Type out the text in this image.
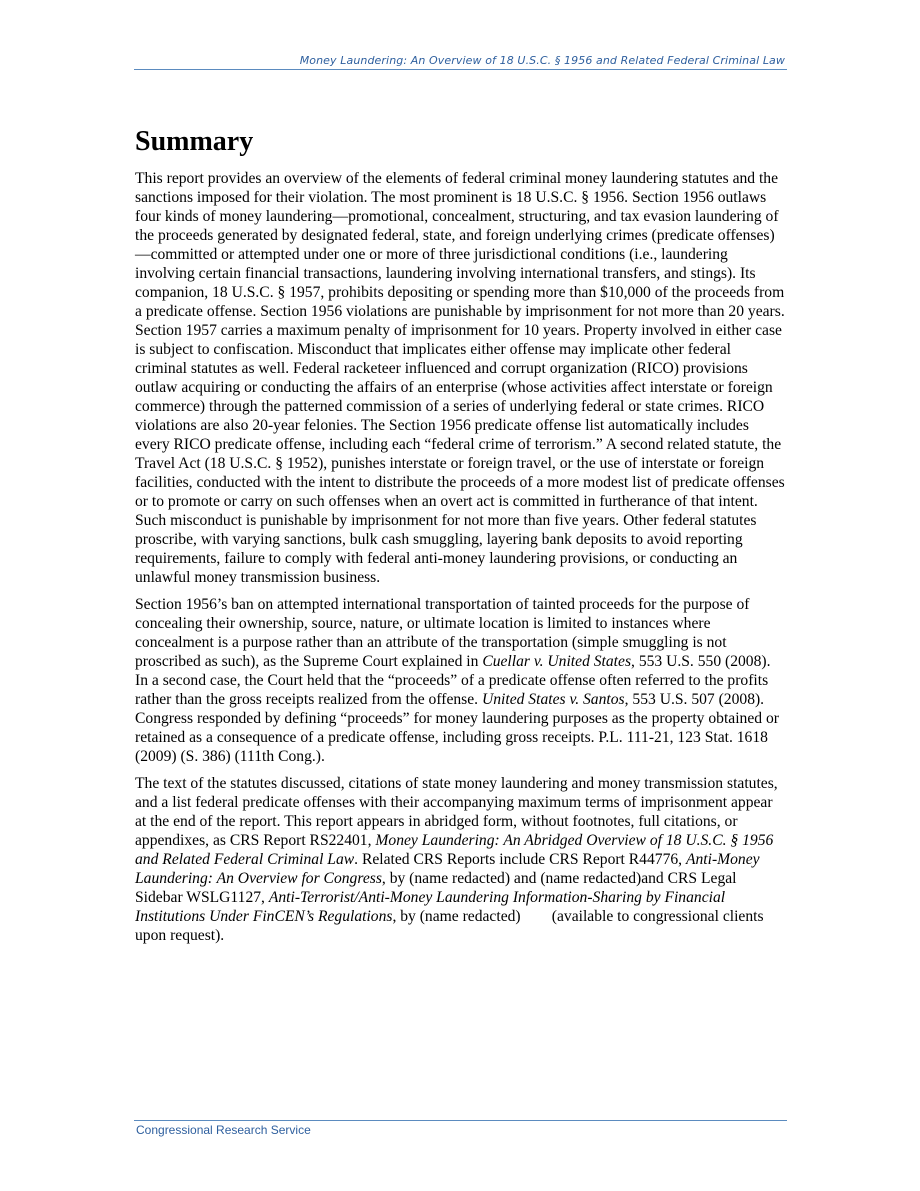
Money Laundering: An Overview of 18 U.S.C. § 1956 and Related Federal Criminal Law
Summary

This report provides an overview of the elements of federal criminal money laundering statutes and the sanctions imposed for their violation. The most prominent is 18 U.S.C. § 1956. Section 1956 outlaws four kinds of money laundering—promotional, concealment, structuring, and tax evasion laundering of the proceeds generated by designated federal, state, and foreign underlying crimes (predicate offenses)—committed or attempted under one or more of three jurisdictional conditions (i.e., laundering involving certain financial transactions, laundering involving international transfers, and stings). Its companion, 18 U.S.C. § 1957, prohibits depositing or spending more than $10,000 of the proceeds from a predicate offense. Section 1956 violations are punishable by imprisonment for not more than 20 years. Section 1957 carries a maximum penalty of imprisonment for 10 years. Property involved in either case is subject to confiscation. Misconduct that implicates either offense may implicate other federal criminal statutes as well. Federal racketeer influenced and corrupt organization (RICO) provisions outlaw acquiring or conducting the affairs of an enterprise (whose activities affect interstate or foreign commerce) through the patterned commission of a series of underlying federal or state crimes. RICO violations are also 20-year felonies. The Section 1956 predicate offense list automatically includes every RICO predicate offense, including each “federal crime of terrorism.” A second related statute, the Travel Act (18 U.S.C. § 1952), punishes interstate or foreign travel, or the use of interstate or foreign facilities, conducted with the intent to distribute the proceeds of a more modest list of predicate offenses or to promote or carry on such offenses when an overt act is committed in furtherance of that intent. Such misconduct is punishable by imprisonment for not more than five years. Other federal statutes proscribe, with varying sanctions, bulk cash smuggling, layering bank deposits to avoid reporting requirements, failure to comply with federal anti-money laundering provisions, or conducting an unlawful money transmission business.

Section 1956’s ban on attempted international transportation of tainted proceeds for the purpose of concealing their ownership, source, nature, or ultimate location is limited to instances where concealment is a purpose rather than an attribute of the transportation (simple smuggling is not proscribed as such), as the Supreme Court explained in Cuellar v. United States, 553 U.S. 550 (2008). In a second case, the Court held that the “proceeds” of a predicate offense often referred to the profits rather than the gross receipts realized from the offense. United States v. Santos, 553 U.S. 507 (2008). Congress responded by defining “proceeds” for money laundering purposes as the property obtained or retained as a consequence of a predicate offense, including gross receipts. P.L. 111-21, 123 Stat. 1618 (2009) (S. 386) (111th Cong.).

The text of the statutes discussed, citations of state money laundering and money transmission statutes, and a list federal predicate offenses with their accompanying maximum terms of imprisonment appear at the end of the report. This report appears in abridged form, without footnotes, full citations, or appendixes, as CRS Report RS22401, Money Laundering: An Abridged Overview of 18 U.S.C. § 1956 and Related Federal Criminal Law. Related CRS Reports include CRS Report R44776, Anti-Money Laundering: An Overview for Congress, by (name redacted) and (name redacted)and CRS Legal Sidebar WSLG1127, Anti-Terrorist/Anti-Money Laundering Information-Sharing by Financial Institutions Under FinCEN’s Regulations, by (name redacted)        (available to congressional clients upon request).

Congressional Research Service
